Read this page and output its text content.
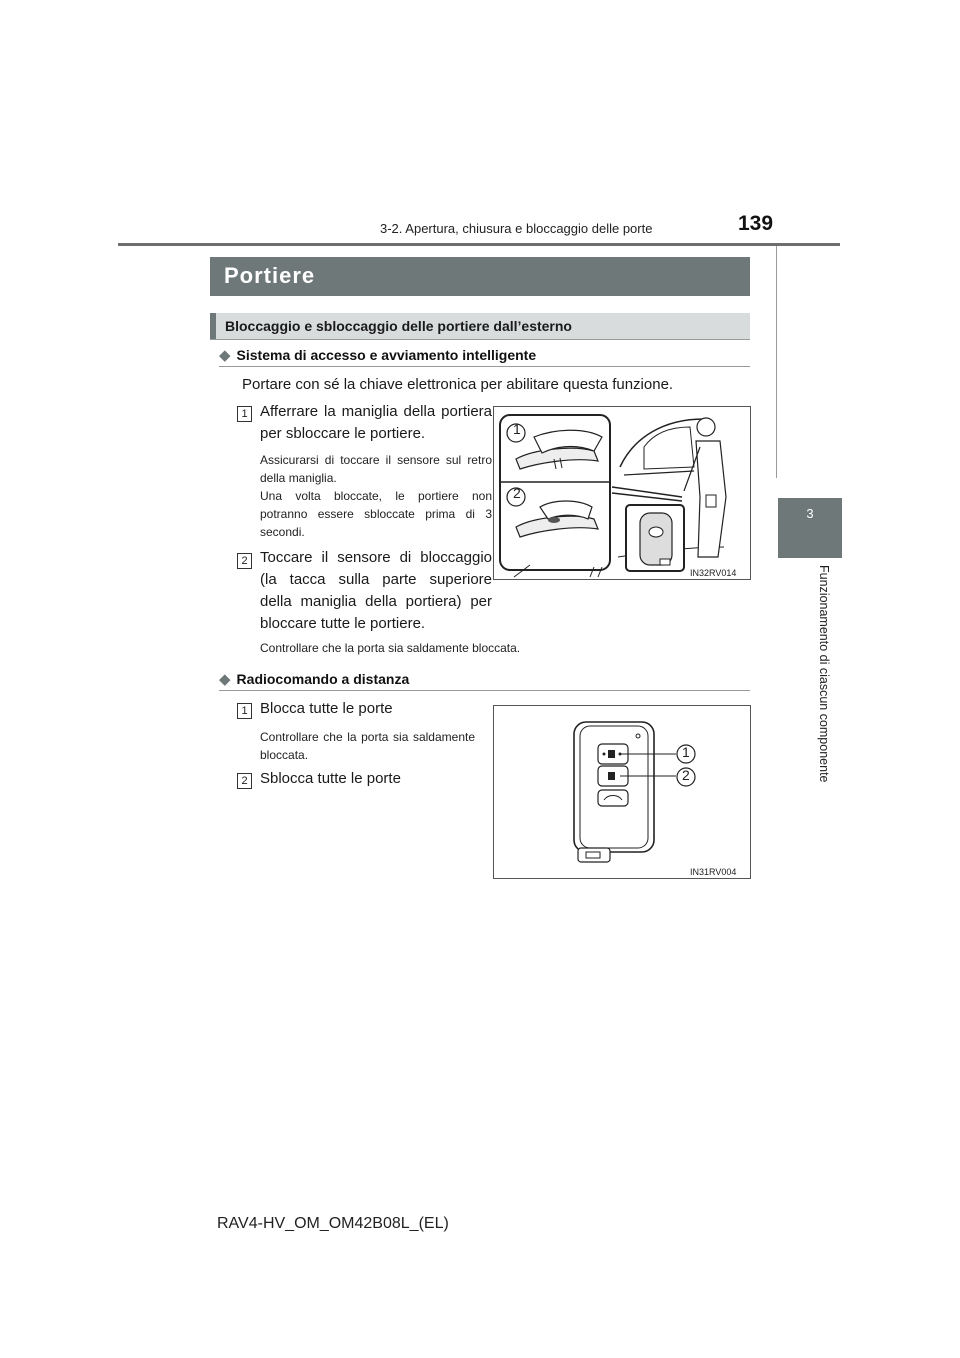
3-2. Apertura, chiusura e bloccaggio delle porte	139
3
Funzionamento di ciascun componente
Portiere
Bloccaggio e sbloccaggio delle portiere dall’esterno
◆ Sistema di accesso e avviamento intelligente
Portare con sé la chiave elettronica per abilitare questa funzione.
1 Afferrare la maniglia della portiera per sbloccare le portiere.
Assicurarsi di toccare il sensore sul retro della maniglia.
Una volta bloccate, le portiere non potranno essere sbloccate prima di 3 secondi.
2 Toccare il sensore di bloccaggio (la tacca sulla parte superiore della maniglia della portiera) per bloccare tutte le portiere.
Controllare che la porta sia saldamente bloccata.
1
2
IN32RV014
◆ Radiocomando a distanza
1 Blocca tutte le porte
Controllare che la porta sia saldamente bloccata.
2 Sblocca tutte le porte
1
2
IN31RV004
RAV4-HV_OM_OM42B08L_(EL)
